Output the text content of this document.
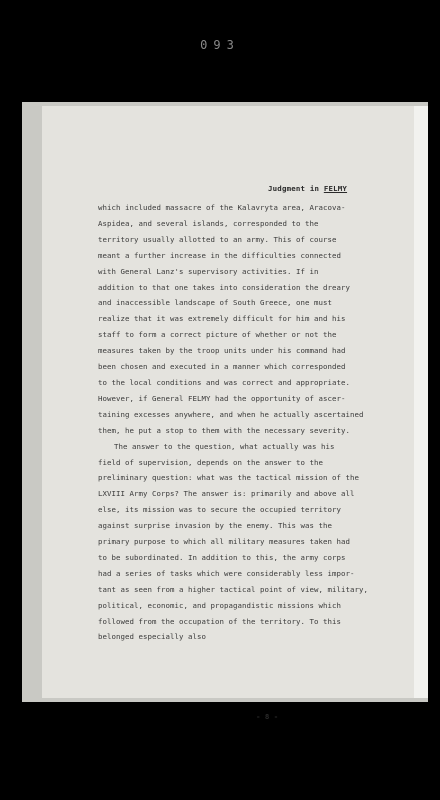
093
Judgment in FELMY
which included massacre of the Kalavryta area, Aracova-
Aspidea, and several islands, corresponded to the
territory usually allotted to an army. This of course
meant a further increase in the difficulties connected
with General Lanz's supervisory activities. If in
addition to that one takes into consideration the dreary
and inaccessible landscape of South Greece, one must
realize that it was extremely difficult for him and his
staff to form a correct picture of whether or not the
measures taken by the troop units under his command had
been chosen and executed in a manner which corresponded
to the local conditions and was correct and appropriate.
However, if General FELMY had the opportunity of ascer-
taining excesses anywhere, and when he actually ascertained
them, he put a stop to them with the necessary severity.
The answer to the question, what actually was his
field of supervision, depends on the answer to the
preliminary question: what was the tactical mission of the
LXVIII Army Corps? The answer is: primarily and above all
else, its mission was to secure the occupied territory
against surprise invasion by the enemy. This was the
primary purpose to which all military measures taken had
to be subordinated. In addition to this, the army corps
had a series of tasks which were considerably less impor-
tant as seen from a higher tactical point of view, military,
political, economic, and propagandistic missions which
followed from the occupation of the territory. To this
belonged especially also
- 8 -
